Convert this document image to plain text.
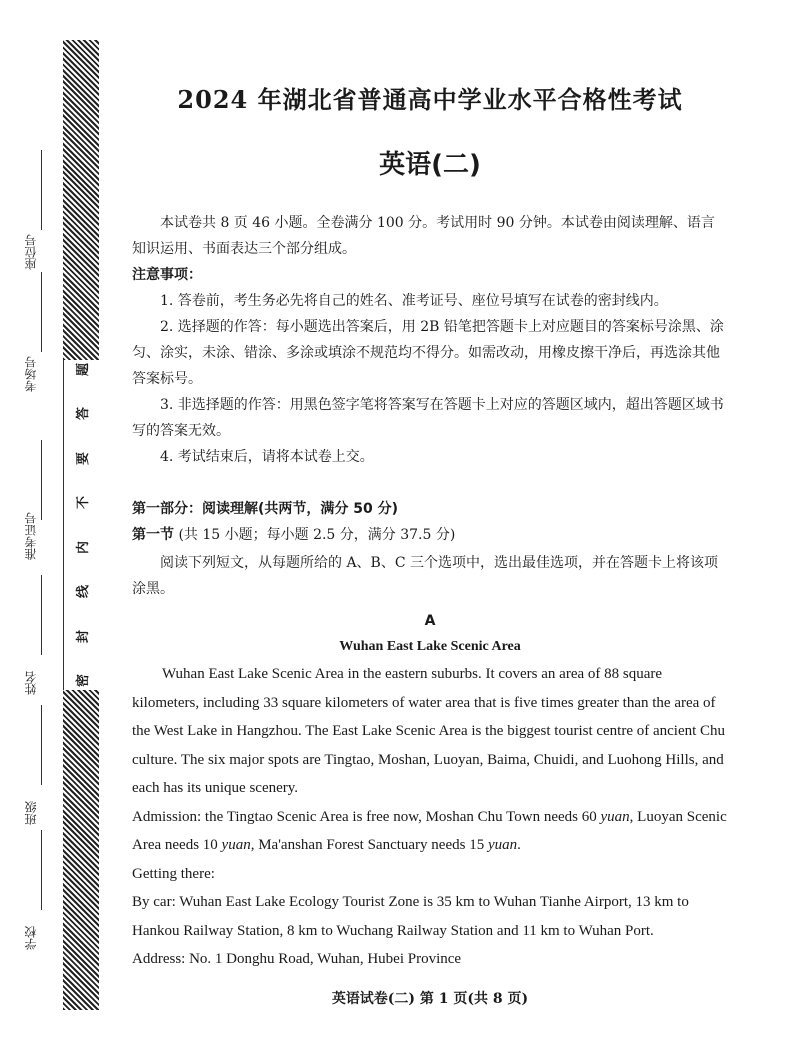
题
答
要
不
内
线
封
密
座位号
考场号
准考证号
姓名
班级
学校
2024 年湖北省普通高中学业水平合格性考试
英语(二)
本试卷共 8 页 46 小题。全卷满分 100 分。考试用时 90 分钟。本试卷由阅读理解、语言知识运用、书面表达三个部分组成。
注意事项：
1. 答卷前，考生务必先将自己的姓名、准考证号、座位号填写在试卷的密封线内。
2. 选择题的作答：每小题选出答案后，用 2B 铅笔把答题卡上对应题目的答案标号涂黑、涂匀、涂实，未涂、错涂、多涂或填涂不规范均不得分。如需改动，用橡皮擦干净后，再选涂其他答案标号。
3. 非选择题的作答：用黑色签字笔将答案写在答题卡上对应的答题区域内，超出答题区域书写的答案无效。
4. 考试结束后，请将本试卷上交。
第一部分：阅读理解(共两节，满分 50 分)
第一节 (共 15 小题；每小题 2.5 分，满分 37.5 分)
阅读下列短文，从每题所给的 A、B、C 三个选项中，选出最佳选项，并在答题卡上将该项涂黑。
A
Wuhan East Lake Scenic Area

Wuhan East Lake Scenic Area in the eastern suburbs. It covers an area of 88 square kilometers, including 33 square kilometers of water area that is five times greater than the area of the West Lake in Hangzhou. The East Lake Scenic Area is the biggest tourist centre of ancient Chu culture. The six major spots are Tingtao, Moshan, Luoyan, Baima, Chuidi, and Luohong Hills, and each has its unique scenery.

Admission: the Tingtao Scenic Area is free now, Moshan Chu Town needs 60 yuan, Luoyan Scenic Area needs 10 yuan, Ma'anshan Forest Sanctuary needs 15 yuan.

Getting there:

By car: Wuhan East Lake Ecology Tourist Zone is 35 km to Wuhan Tianhe Airport, 13 km to Hankou Railway Station, 8 km to Wuchang Railway Station and 11 km to Wuhan Port.

Address: No. 1 Donghu Road, Wuhan, Hubei Province

英语试卷(二) 第 1 页(共 8 页)
